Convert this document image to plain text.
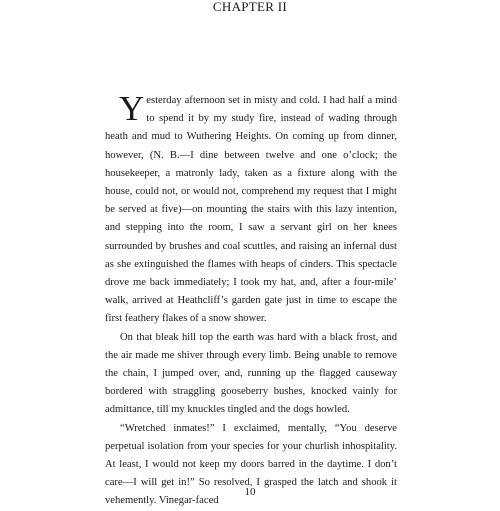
CHAPTER II

Yesterday afternoon set in misty and cold. I had half a mind to spend it by my study fire, instead of wading through heath and mud to Wuthering Heights. On coming up from dinner, however, (N. B.—I dine between twelve and one o’clock; the housekeeper, a matronly lady, taken as a fixture along with the house, could not, or would not, comprehend my request that I might be served at five)—on mounting the stairs with this lazy intention, and stepping into the room, I saw a servant girl on her knees surrounded by brushes and coal scuttles, and raising an infernal dust as she extinguished the flames with heaps of cinders. This spectacle drove me back immediately; I took my hat, and, after a four-mile’ walk, arrived at Heathcliff’s garden gate just in time to escape the first feathery flakes of a snow shower.

On that bleak hill top the earth was hard with a black frost, and the air made me shiver through every limb. Being unable to remove the chain, I jumped over, and, running up the flagged causeway bordered with straggling gooseberry bushes, knocked vainly for admittance, till my knuckles tingled and the dogs howled.

“Wretched inmates!” I exclaimed, mentally, “You deserve perpetual isolation from your species for your churlish inhospitality. At least, I would not keep my doors barred in the daytime. I don’t care—I will get in!” So resolved, I grasped the latch and shook it vehemently. Vinegar-faced

10
